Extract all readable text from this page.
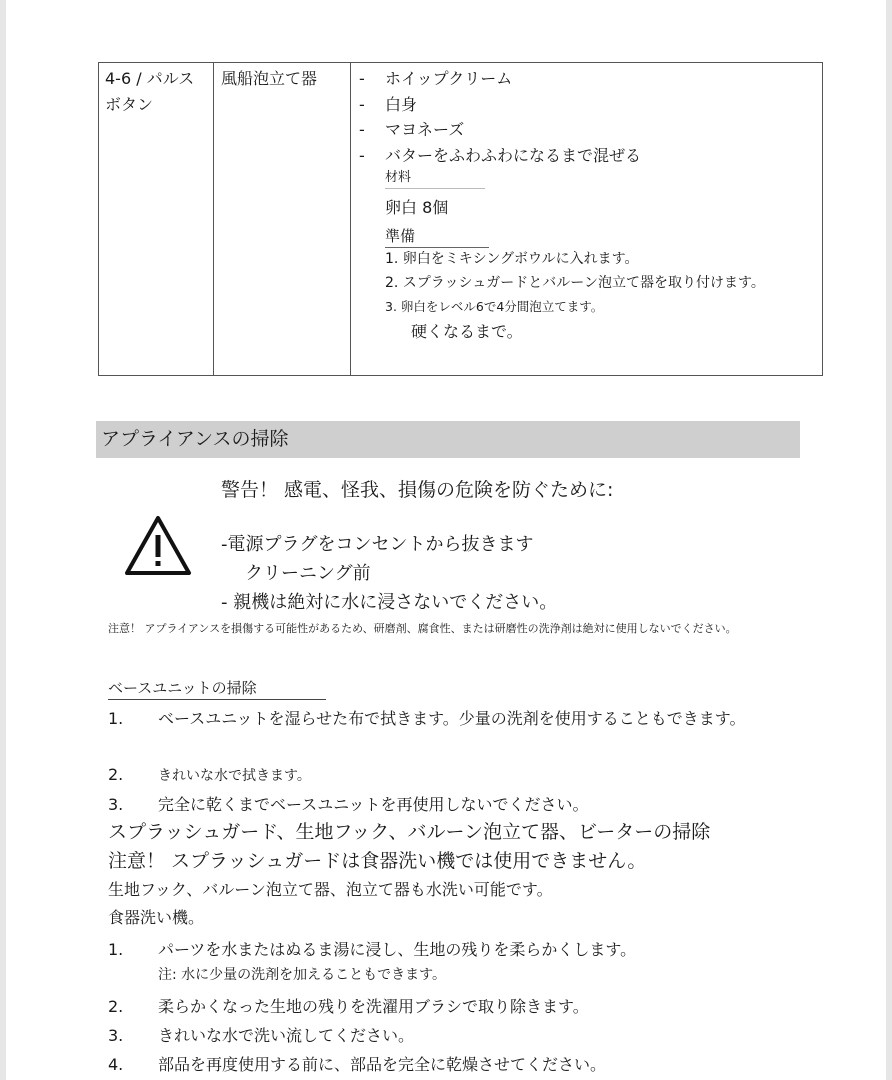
4-6 / パルス ボタン
風船泡立て器
-	ホイップクリーム
- 白身
- マヨネーズ
- バターをふわふわになるまで混ぜる
材料
卵白 8個
準備
1. 卵白をミキシングボウルに入れます。
2. スプラッシュガードとバルーン泡立て器を取り付けます。
3. 卵白をレベル6で4分間泡立てます。
硬くなるまで。
アプライアンスの掃除
警告！ 感電、怪我、損傷の危険を防ぐために:
-電源プラグをコンセントから抜きます
クリーニング前
- 親機は絶対に水に浸さないでください。
注意！ アプライアンスを損傷する可能性があるため、研磨剤、腐食性、または研磨性の洗浄剤は絶対に使用しないでください。
ベースユニットの掃除
1. ベースユニットを湿らせた布で拭きます。少量の洗剤を使用することもできます。
2. きれいな水で拭きます。
3. 完全に乾くまでベースユニットを再使用しないでください。
スプラッシュガード、生地フック、バルーン泡立て器、ビーターの掃除
注意！ スプラッシュガードは食器洗い機では使用できません。
生地フック、バルーン泡立て器、泡立て器も水洗い可能です。
食器洗い機。
1. パーツを水またはぬるま湯に浸し、生地の残りを柔らかくします。
注: 水に少量の洗剤を加えることもできます。
2. 柔らかくなった生地の残りを洗濯用ブラシで取り除きます。
3. きれいな水で洗い流してください。
4. 部品を再度使用する前に、部品を完全に乾燥させてください。
